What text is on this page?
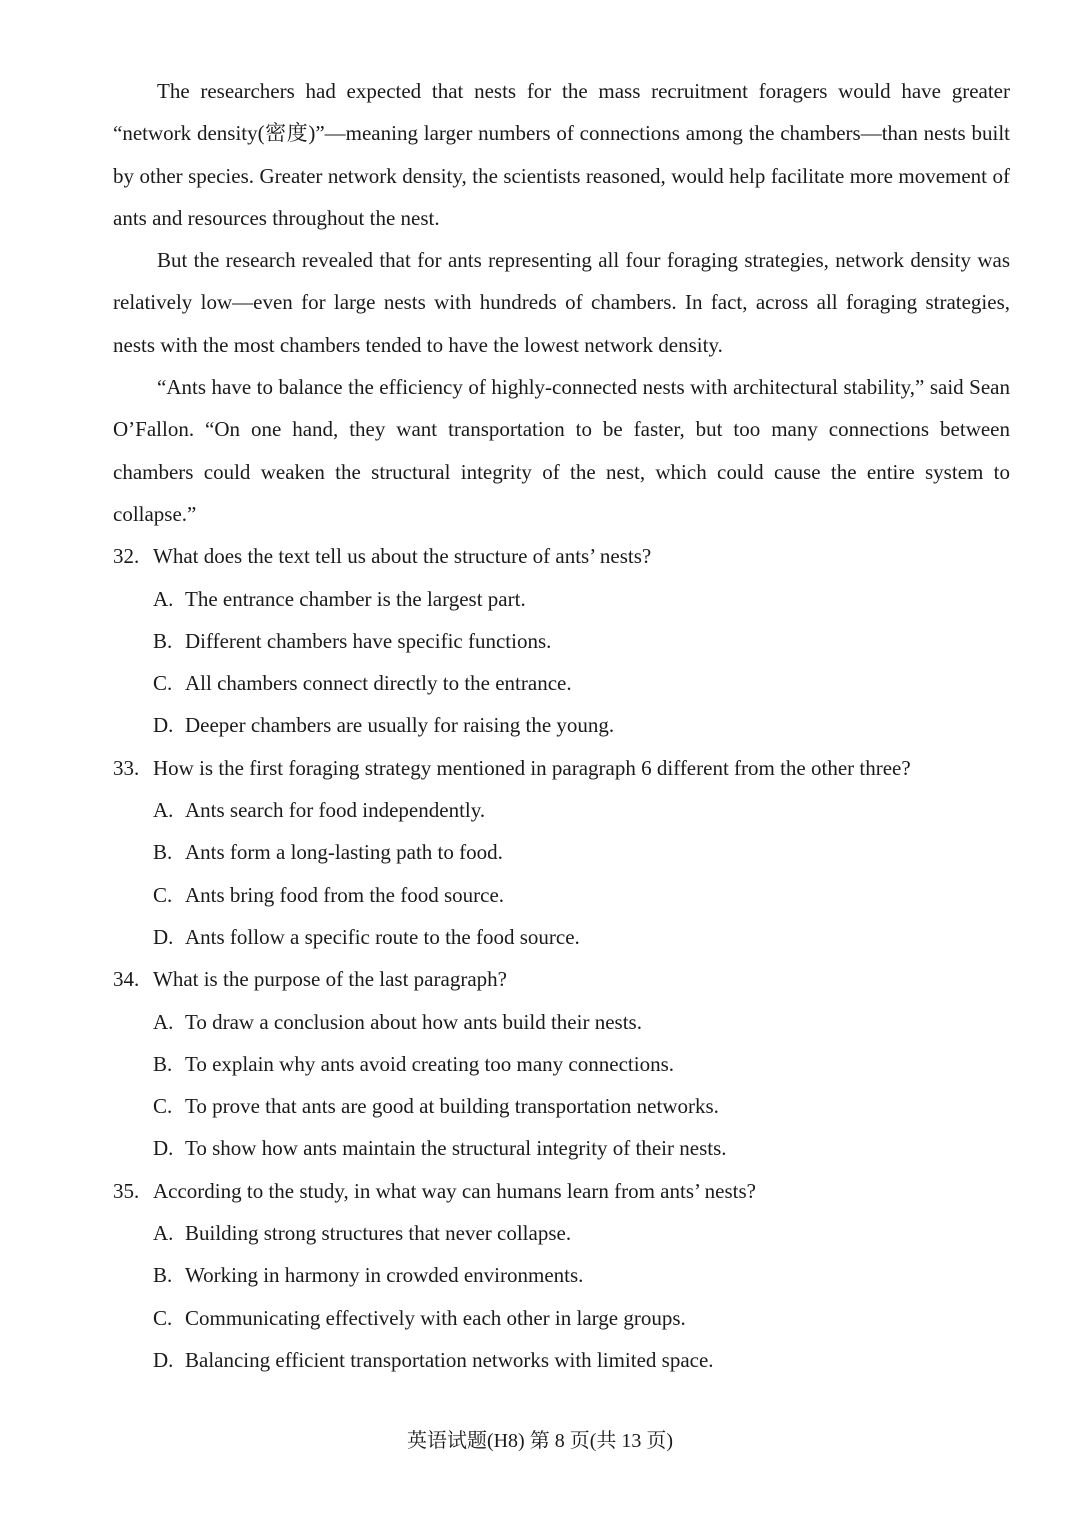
The researchers had expected that nests for the mass recruitment foragers would have greater “network density(密度)”—meaning larger numbers of connections among the chambers—than nests built by other species. Greater network density, the scientists reasoned, would help facilitate more movement of ants and resources throughout the nest.

But the research revealed that for ants representing all four foraging strategies, network density was relatively low—even for large nests with hundreds of chambers. In fact, across all foraging strategies, nests with the most chambers tended to have the lowest network density.

“Ants have to balance the efficiency of highly-connected nests with architectural stability,” said Sean O’Fallon. “On one hand, they want transportation to be faster, but too many connections between chambers could weaken the structural integrity of the nest, which could cause the entire system to collapse.”

32. What does the text tell us about the structure of ants’ nests?
A. The entrance chamber is the largest part.
B. Different chambers have specific functions.
C. All chambers connect directly to the entrance.
D. Deeper chambers are usually for raising the young.
33. How is the first foraging strategy mentioned in paragraph 6 different from the other three?
A. Ants search for food independently.
B. Ants form a long-lasting path to food.
C. Ants bring food from the food source.
D. Ants follow a specific route to the food source.
34. What is the purpose of the last paragraph?
A. To draw a conclusion about how ants build their nests.
B. To explain why ants avoid creating too many connections.
C. To prove that ants are good at building transportation networks.
D. To show how ants maintain the structural integrity of their nests.
35. According to the study, in what way can humans learn from ants’ nests?
A. Building strong structures that never collapse.
B. Working in harmony in crowded environments.
C. Communicating effectively with each other in large groups.
D. Balancing efficient transportation networks with limited space.
英语试题(H8) 第 8 页(共 13 页)
